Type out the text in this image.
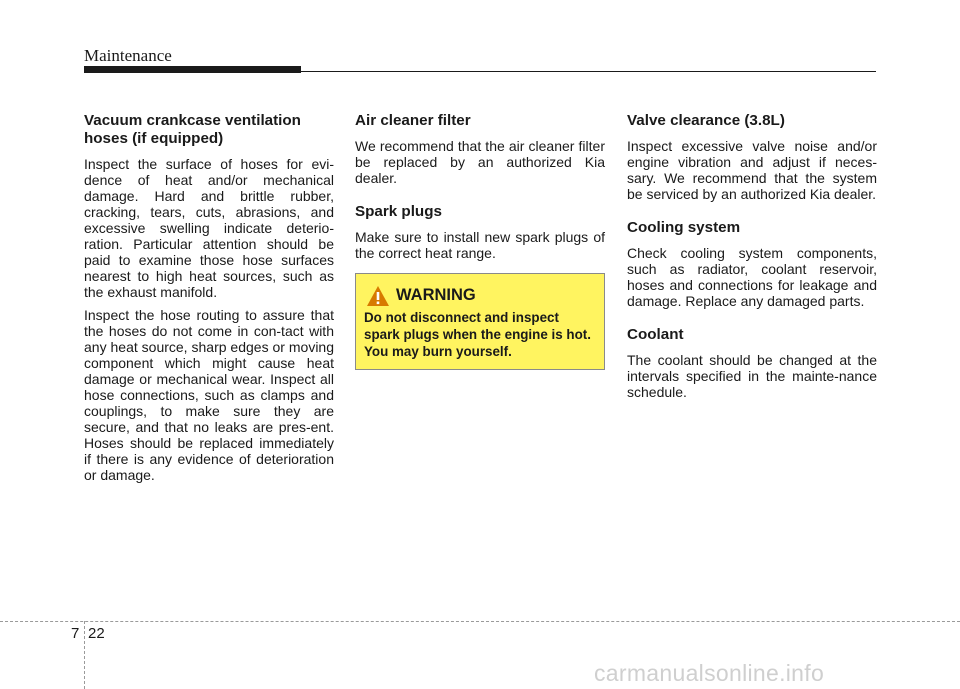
Maintenance
Vacuum crankcase ventilation hoses (if equipped)

Inspect the surface of hoses for evi-dence of heat and/or mechanical damage. Hard and brittle rubber, cracking, tears, cuts, abrasions, and excessive swelling indicate deterio-ration. Particular attention should be paid to examine those hose surfaces nearest to high heat sources, such as the exhaust manifold.

Inspect the hose routing to assure that the hoses do not come in con-tact with any heat source, sharp edges or moving component which might cause heat damage or mechanical wear. Inspect all hose connections, such as clamps and couplings, to make sure they are secure, and that no leaks are pres-ent. Hoses should be replaced immediately if there is any evidence of deterioration or damage.

Air cleaner filter

We recommend that the air cleaner filter be replaced by an authorized Kia dealer.

Spark plugs

Make sure to install new spark plugs of the correct heat range.

WARNING
Do not disconnect and inspect spark plugs when the engine is hot. You may burn yourself.
Valve clearance (3.8L)

Inspect excessive valve noise and/or engine vibration and adjust if neces-sary. We recommend that the system be serviced by an authorized Kia dealer.

Cooling system

Check cooling system components, such as radiator, coolant reservoir, hoses and connections for leakage and damage. Replace any damaged parts.

Coolant

The coolant should be changed at the intervals specified in the mainte-nance schedule.

7 22
carmanualsonline.info
